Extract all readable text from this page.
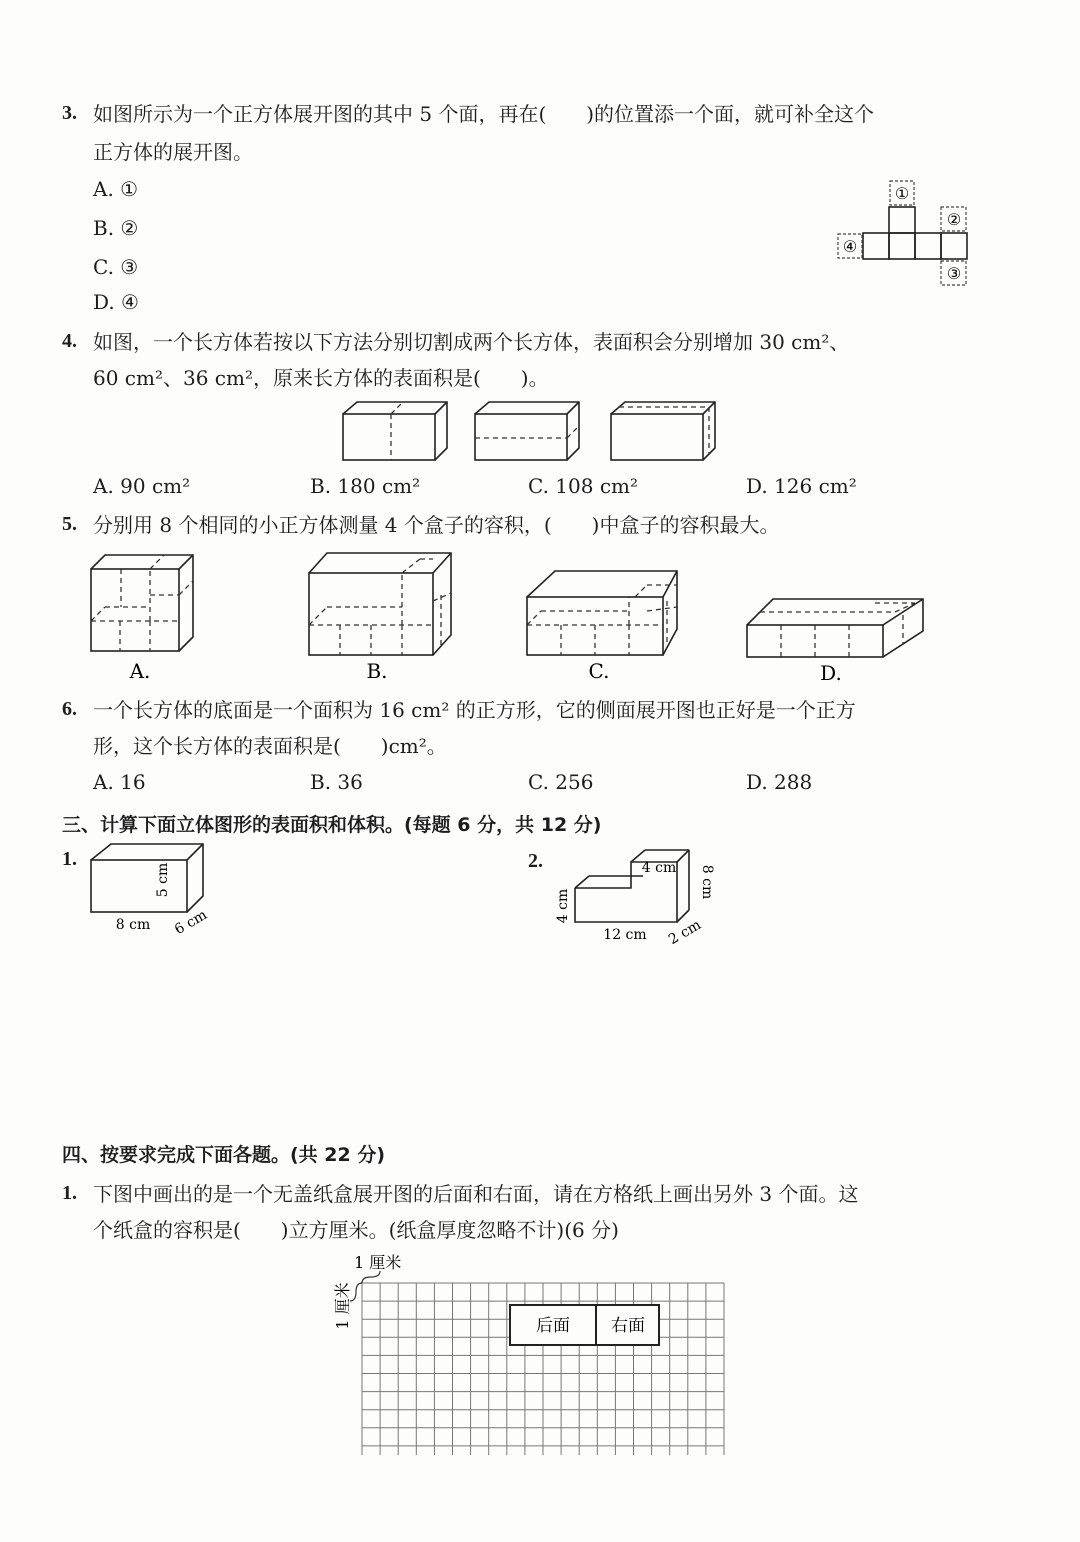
3. 如图所示为一个正方体展开图的其中 5 个面，再在(　　)的位置添一个面，就可补全这个
正方体的展开图。
A. ①
B. ②
C. ③
D. ④
①
②
③
④
4. 如图，一个长方体若按以下方法分别切割成两个长方体，表面积会分别增加 30 cm²、
60 cm²、36 cm²，原来长方体的表面积是(　　)。
A. 90 cm²	B. 180 cm²	C. 108 cm²	D. 126 cm²
5. 分别用 8 个相同的小正方体测量 4 个盒子的容积，(　　)中盒子的容积最大。
A.	B.	C.	D.
6. 一个长方体的底面是一个面积为 16 cm² 的正方形，它的侧面展开图也正好是一个正方
形，这个长方体的表面积是(　　)cm²。
A. 16	B. 36	C. 256	D. 288
三、计算下面立体图形的表面积和体积。(每题 6 分，共 12 分)
1.	2.
5 cm
8 cm 6 cm
4 cm 8 cm
4 cm
12 cm 2 cm
四、按要求完成下面各题。(共 22 分)
1. 下图中画出的是一个无盖纸盒展开图的后面和右面，请在方格纸上画出另外 3 个面。这
个纸盒的容积是(　　)立方厘米。(纸盒厚度忽略不计)(6 分)
1 厘米
1 厘米	后面 右面
